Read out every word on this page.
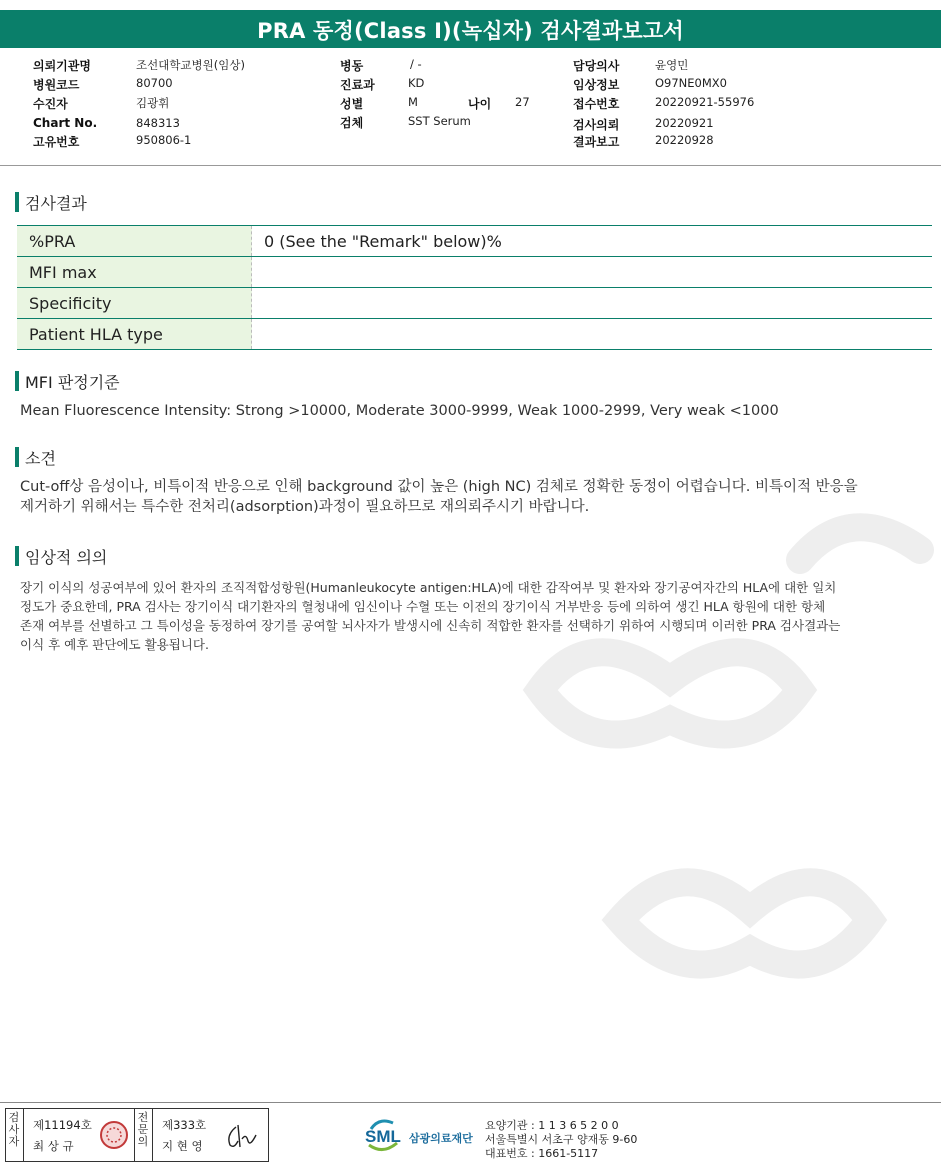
PRA 동정(Class I)(녹십자) 검사결과보고서
의뢰기관명	조선대학교병원(임상)
병원코드	80700
수진자	김광휘
Chart No.	848313
고유번호	950806-1
병동	/ -
진료과	KD
성별	M	나이 27
검체	SST Serum
담당의사	윤영민
임상정보	O97NE0MX0
접수번호	20220921-55976
검사의뢰	20220921
결과보고	20220928
검사결과
%PRA	0 (See the "Remark" below)%
MFI max	
Specificity	
Patient HLA type	
MFI 판정기준
Mean Fluorescence Intensity: Strong >10000, Moderate 3000-9999, Weak 1000-2999, Very weak <1000
소견
Cut-off상 음성이나, 비특이적 반응으로 인해 background 값이 높은 (high NC) 검체로 정확한 동정이 어렵습니다. 비특이적 반응을
제거하기 위해서는 특수한 전처리(adsorption)과정이 필요하므로 재의뢰주시기 바랍니다.
임상적 의의
장기 이식의 성공여부에 있어 환자의 조직적합성항원(Humanleukocyte antigen:HLA)에 대한 감작여부 및 환자와 장기공여자간의 HLA에 대한 일치
정도가 중요한데, PRA 검사는 장기이식 대기환자의 혈청내에 임신이나 수혈 또는 이전의 장기이식 거부반응 등에 의하여 생긴 HLA 항원에 대한 항체
존재 여부를 선별하고 그 특이성을 동정하여 장기를 공여할 뇌사자가 발생시에 신속히 적합한 환자를 선택하기 위하여 시행되며 이러한 PRA 검사결과는
이식 후 예후 판단에도 활용됩니다.
검사자
제11194호
최 상 규
전문의
제333호
지 현 영	SML 삼광의료재단
요양기관 : 1 1 3 6 5 2 0 0
서울특별시 서초구 양재동 9-60
대표번호 : 1661-5117
